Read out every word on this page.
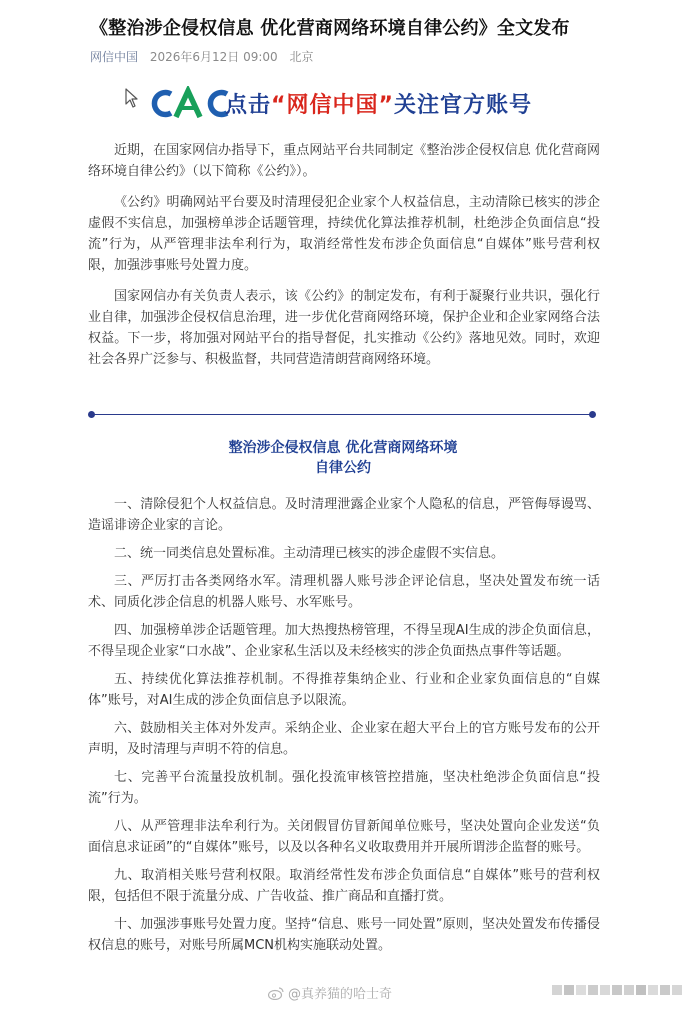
《整治涉企侵权信息 优化营商网络环境自律公约》全文发布
网信中国 2026年6月12日 09:00 北京
点击“网信中国”关注官方账号

近期，在国家网信办指导下，重点网站平台共同制定《整治涉企侵权信息 优化营商网络环境自律公约》（以下简称《公约》）。

《公约》明确网站平台要及时清理侵犯企业家个人权益信息，主动清除已核实的涉企虚假不实信息，加强榜单涉企话题管理，持续优化算法推荐机制，杜绝涉企负面信息“投流”行为，从严管理非法牟利行为，取消经常性发布涉企负面信息“自媒体”账号营利权限，加强涉事账号处置力度。

国家网信办有关负责人表示，该《公约》的制定发布，有利于凝聚行业共识，强化行业自律，加强涉企侵权信息治理，进一步优化营商网络环境，保护企业和企业家网络合法权益。下一步，将加强对网站平台的指导督促，扎实推动《公约》落地见效。同时，欢迎社会各界广泛参与、积极监督，共同营造清朗营商网络环境。

整治涉企侵权信息 优化营商网络环境
自律公约

一、清除侵犯个人权益信息。及时清理泄露企业家个人隐私的信息，严管侮辱谩骂、造谣诽谤企业家的言论。

二、统一同类信息处置标准。主动清理已核实的涉企虚假不实信息。

三、严厉打击各类网络水军。清理机器人账号涉企评论信息，坚决处置发布统一话术、同质化涉企信息的机器人账号、水军账号。

四、加强榜单涉企话题管理。加大热搜热榜管理，不得呈现AI生成的涉企负面信息，不得呈现企业家“口水战”、企业家私生活以及未经核实的涉企负面热点事件等话题。

五、持续优化算法推荐机制。不得推荐集纳企业、行业和企业家负面信息的“自媒体”账号，对AI生成的涉企负面信息予以限流。

六、鼓励相关主体对外发声。采纳企业、企业家在超大平台上的官方账号发布的公开声明，及时清理与声明不符的信息。

七、完善平台流量投放机制。强化投流审核管控措施，坚决杜绝涉企负面信息“投流”行为。

八、从严管理非法牟利行为。关闭假冒仿冒新闻单位账号，坚决处置向企业发送“负面信息求证函”的“自媒体”账号，以及以各种名义收取费用并开展所谓涉企监督的账号。

九、取消相关账号营利权限。取消经常性发布涉企负面信息“自媒体”账号的营利权限，包括但不限于流量分成、广告收益、推广商品和直播打赏。

十、加强涉事账号处置力度。坚持“信息、账号一同处置”原则，坚决处置发布传播侵权信息的账号，对账号所属MCN机构实施联动处置。

@真养猫的哈士奇
